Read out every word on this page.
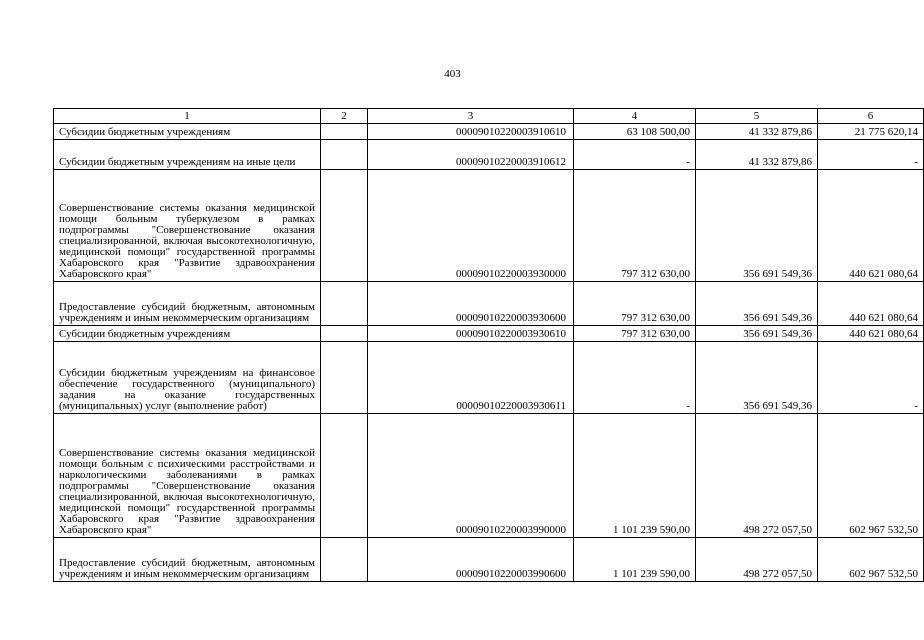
403
1	2	3	4	5	6
Субсидии бюджетным учреждениям		00009010220003910610	63 108 500,00	41 332 879,86	21 775 620,14
Субсидии бюджетным учреждениям на иные цели		00009010220003910612	-	41 332 879,86	-
Совершенствование системы оказания медицинской помощи больным туберкулезом в рамках подпрограммы "Совершенствование оказания специализированной, включая высокотехнологичную, медицинской помощи" государственной программы Хабаровского края "Развитие здравоохранения Хабаровского края"		00009010220003930000	797 312 630,00	356 691 549,36	440 621 080,64
Предоставление субсидий бюджетным, автономным учреждениям и иным некоммерческим организациям		00009010220003930600	797 312 630,00	356 691 549,36	440 621 080,64
Субсидии бюджетным учреждениям		00009010220003930610	797 312 630,00	356 691 549,36	440 621 080,64
Субсидии бюджетным учреждениям на финансовое обеспечение государственного (муниципального) задания на оказание государственных (муниципальных) услуг (выполнение работ)		00009010220003930611	-	356 691 549,36	-
Совершенствование системы оказания медицинской помощи больным с психическими расстройствами и наркологическими заболеваниями в рамках подпрограммы "Совершенствование оказания специализированной, включая высокотехнологичную, медицинской помощи" государственной программы Хабаровского края "Развитие здравоохранения Хабаровского края"		00009010220003990000	1 101 239 590,00	498 272 057,50	602 967 532,50
Предоставление субсидий бюджетным, автономным учреждениям и иным некоммерческим организациям		00009010220003990600	1 101 239 590,00	498 272 057,50	602 967 532,50
